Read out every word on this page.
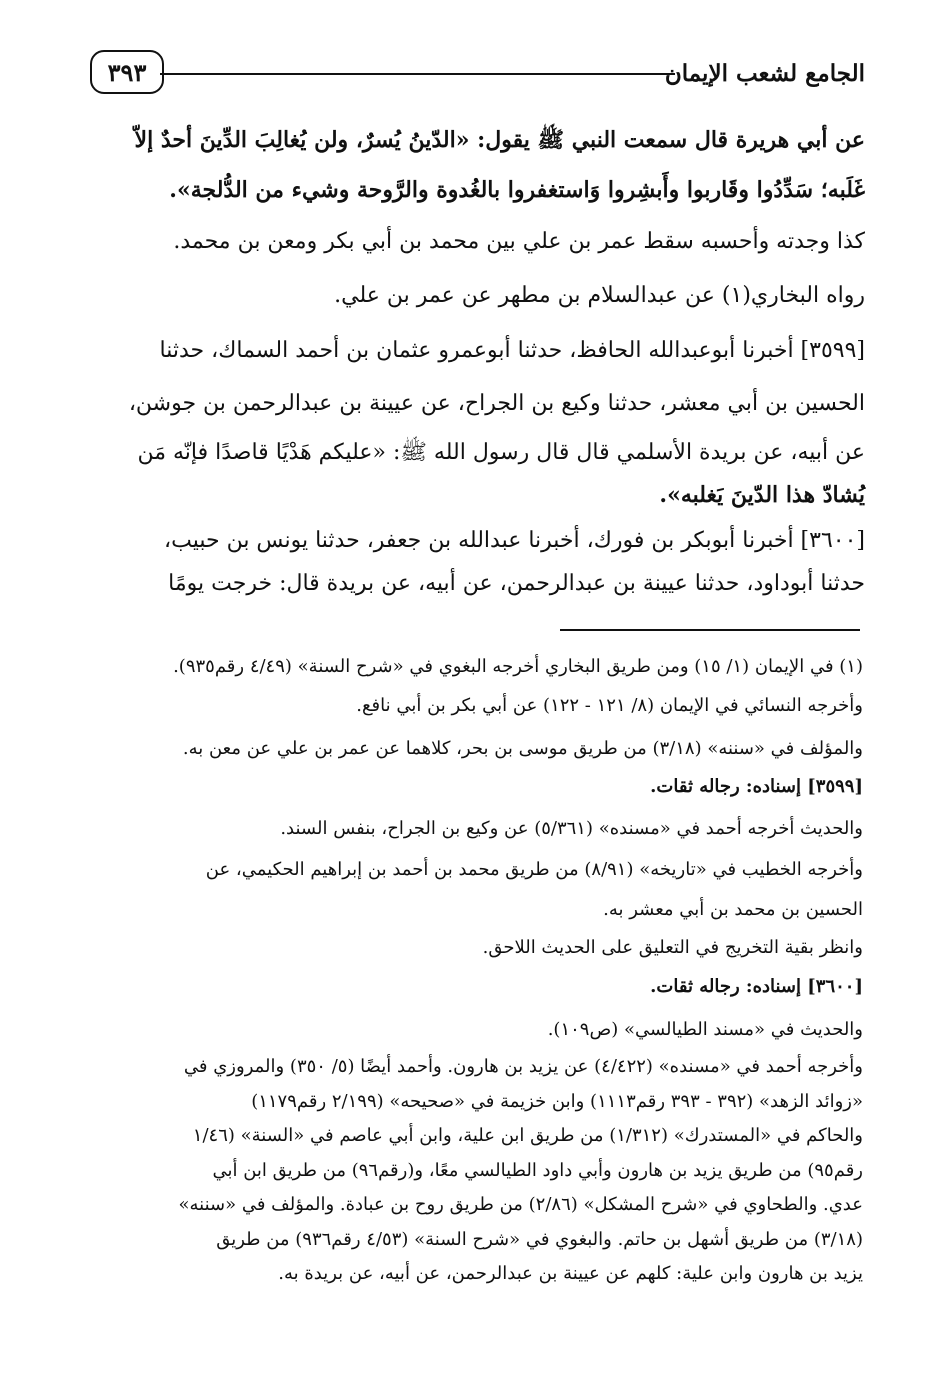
الجامع لشعب الإيمان
٣٩٣
عن أبي هريرة قال سمعت النبي ﷺ يقول: «الدّينُ يُسرٌ، ولن يُغالِبَ الدِّينَ أحدٌ إلاّ
غَلَبه؛ سَدِّدُوا وقَاربوا وأَبشِروا وَاستغفروا بالغُدوة والرَّوحة وشيء من الدُّلجة».
كذا وجدته وأحسبه سقط عمر بن علي بين محمد بن أبي بكر ومعن بن محمد.
رواه البخاري(١) عن عبدالسلام بن مطهر عن عمر بن علي.
[٣٥٩٩] أخبرنا أبوعبدالله الحافظ، حدثنا أبوعمرو عثمان بن أحمد السماك، حدثنا
الحسين بن أبي معشر، حدثنا وكيع بن الجراح، عن عيينة بن عبدالرحمن بن جوشن،
عن أبيه، عن بريدة الأسلمي قال قال رسول الله ﷺ: «عليكم هَدْيًا قاصدًا فإنّه مَن
يُشادّ هذا الدّينَ يَغلبه».
[٣٦٠٠] أخبرنا أبوبكر بن فورك، أخبرنا عبدالله بن جعفر، حدثنا يونس بن حبيب،
حدثنا أبوداود، حدثنا عيينة بن عبدالرحمن، عن أبيه، عن بريدة قال: خرجت يومًا
(١) في الإيمان (١/ ١٥) ومن طريق البخاري أخرجه البغوي في «شرح السنة» (٤/٤٩ رقم٩٣٥).
وأخرجه النسائي في الإيمان (٨/ ١٢١ - ١٢٢) عن أبي بكر بن أبي نافع.
والمؤلف في «سننه» (٣/١٨) من طريق موسى بن بحر، كلاهما عن عمر بن علي عن معن به.
[٣٥٩٩] إسناده: رجاله ثقات.
والحديث أخرجه أحمد في «مسنده» (٥/٣٦١) عن وكيع بن الجراح، بنفس السند.
وأخرجه الخطيب في «تاريخه» (٨/٩١) من طريق محمد بن أحمد بن إبراهيم الحكيمي، عن
الحسين بن محمد بن أبي معشر به.
وانظر بقية التخريج في التعليق على الحديث اللاحق.
[٣٦٠٠] إسناده: رجاله ثقات.
والحديث في «مسند الطيالسي» (ص١٠٩).
وأخرجه أحمد في «مسنده» (٤/٤٢٢) عن يزيد بن هارون. وأحمد أيضًا (٥/ ٣٥٠) والمروزي في
«زوائد الزهد» (٣٩٢ - ٣٩٣ رقم١١١٣) وابن خزيمة في «صحيحه» (٢/١٩٩ رقم١١٧٩)
والحاكم في «المستدرك» (١/٣١٢) من طريق ابن علية، وابن أبي عاصم في «السنة» (١/٤٦
رقم٩٥) من طريق يزيد بن هارون وأبي داود الطيالسي معًا، و(رقم٩٦) من طريق ابن أبي
عدي. والطحاوي في «شرح المشكل» (٢/٨٦) من طريق روح بن عبادة. والمؤلف في «سننه»
(٣/١٨) من طريق أشهل بن حاتم. والبغوي في «شرح السنة» (٤/٥٣ رقم٩٣٦) من طريق
يزيد بن هارون وابن علية: كلهم عن عيينة بن عبدالرحمن، عن أبيه، عن بريدة به.
